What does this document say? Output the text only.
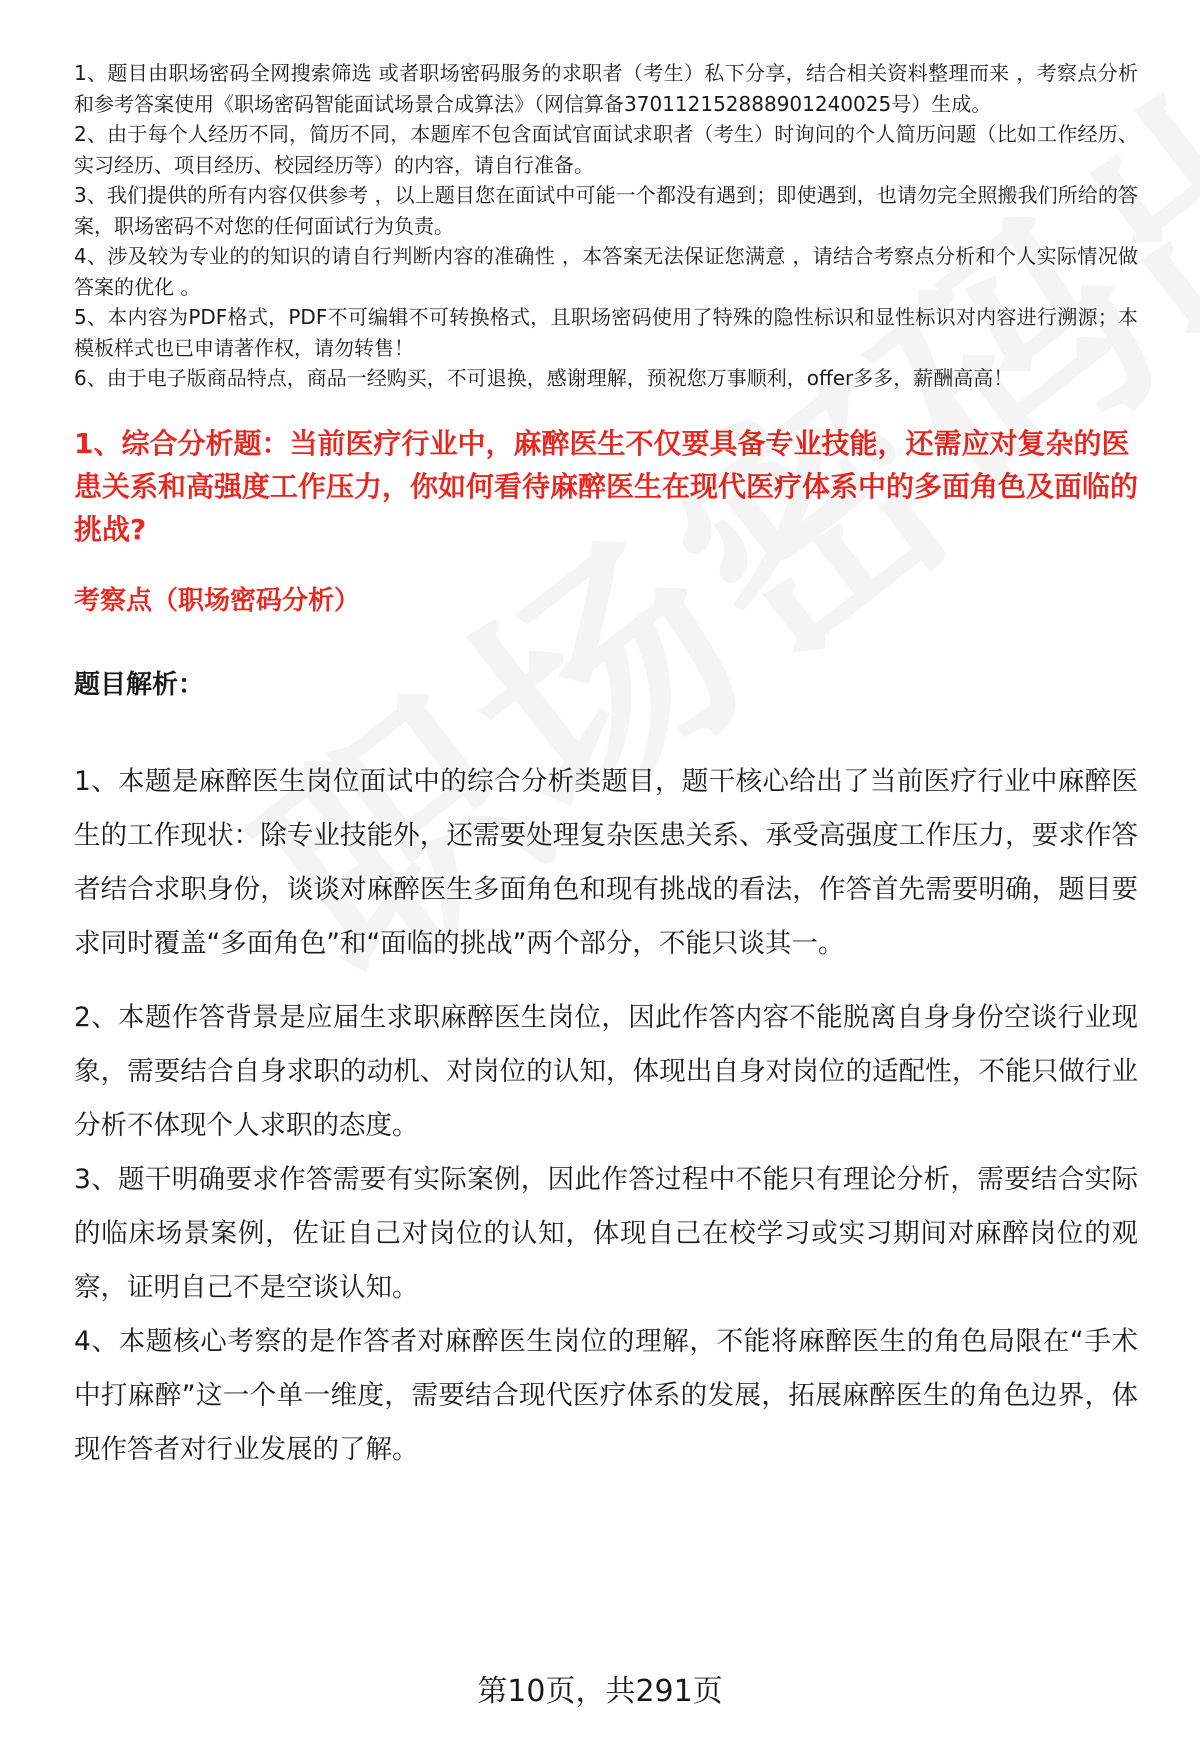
1、题目由职场密码全网搜索筛选 或者职场密码服务的求职者（考生）私下分享，结合相关资料整理而来 ，考察点分析和参考答案使用《职场密码智能面试场景合成算法》（网信算备370112152888901240025号）生成。

2、由于每个人经历不同，简历不同，本题库不包含面试官面试求职者（考生）时询问的个人简历问题（比如工作经历、实习经历、项目经历、校园经历等）的内容，请自行准备。

3、我们提供的所有内容仅供参考 ，以上题目您在面试中可能一个都没有遇到；即使遇到，也请勿完全照搬我们所给的答案，职场密码不对您的任何面试行为负责。

4、涉及较为专业的的知识的请自行判断内容的准确性 ，本答案无法保证您满意 ，请结合考察点分析和个人实际情况做答案的优化 。

5、本内容为PDF格式，PDF不可编辑不可转换格式，且职场密码使用了特殊的隐性标识和显性标识对内容进行溯源；本模板样式也已申请著作权，请勿转售！

6、由于电子版商品特点，商品一经购买，不可退换，感谢理解，预祝您万事顺利，offer多多，薪酬高高！

1、综合分析题：当前医疗行业中，麻醉医生不仅要具备专业技能，还需应对复杂的医患关系和高强度工作压力，你如何看待麻醉医生在现代医疗体系中的多面角色及面临的挑战?
考察点（职场密码分析）
题目解析：

1、本题是麻醉医生岗位面试中的综合分析类题目，题干核心给出了当前医疗行业中麻醉医生的工作现状：除专业技能外，还需要处理复杂医患关系、承受高强度工作压力，要求作答者结合求职身份，谈谈对麻醉医生多面角色和现有挑战的看法，作答首先需要明确，题目要求同时覆盖“多面角色”和“面临的挑战”两个部分，不能只谈其一。

2、本题作答背景是应届生求职麻醉医生岗位，因此作答内容不能脱离自身身份空谈行业现象，需要结合自身求职的动机、对岗位的认知，体现出自身对岗位的适配性，不能只做行业分析不体现个人求职的态度。

3、题干明确要求作答需要有实际案例，因此作答过程中不能只有理论分析，需要结合实际的临床场景案例，佐证自己对岗位的认知，体现自己在校学习或实习期间对麻醉岗位的观察，证明自己不是空谈认知。

4、本题核心考察的是作答者对麻醉医生岗位的理解，不能将麻醉医生的角色局限在“手术中打麻醉”这一个单一维度，需要结合现代医疗体系的发展，拓展麻醉医生的角色边界，体现作答者对行业发展的了解。

第10页，共291页
